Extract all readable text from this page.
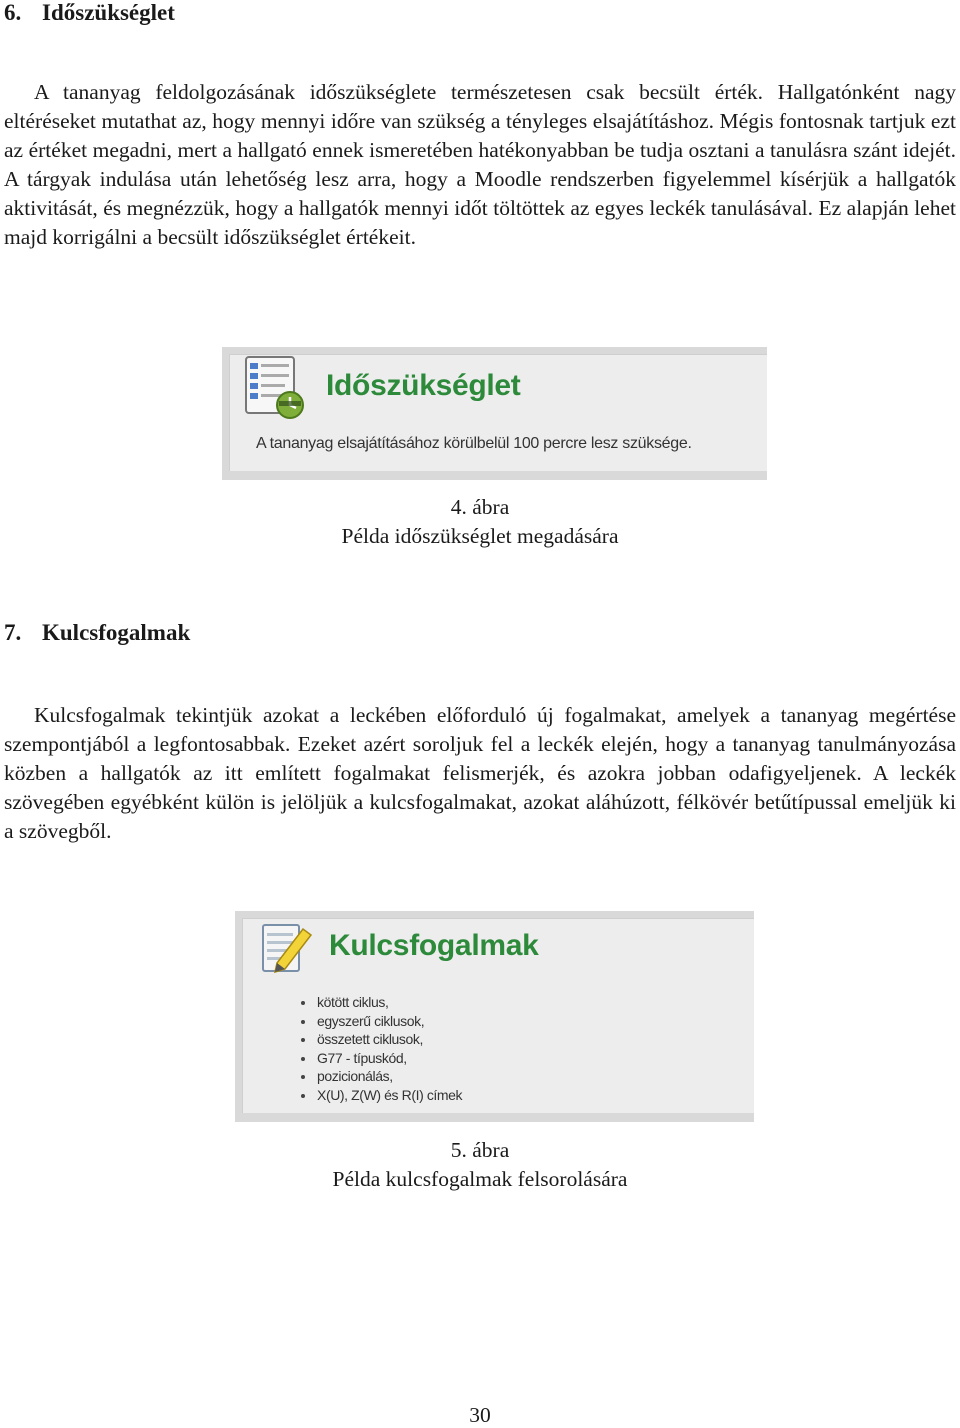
6. Időszükséglet

A tananyag feldolgozásának időszükséglete természetesen csak becsült érték. Hallgatónként nagy eltéréseket mutathat az, hogy mennyi időre van szükség a tényleges elsajátításhoz. Mégis fontosnak tartjuk ezt az értéket megadni, mert a hallgató ennek ismeretében hatékonyabban be tudja osztani a tanulásra szánt idejét. A tárgyak indulása után lehetőség lesz arra, hogy a Moodle rendszerben figyelemmel kísérjük a hallgatók aktivitását, és megnézzük, hogy a hallgatók mennyi időt töltöttek az egyes leckék tanulásával. Ez alapján lehet majd korrigálni a becsült időszükséglet értékeit.

Időszükséglet
A tananyag elsajátításához körülbelül 100 percre lesz szüksége.

4. ábra

Példa időszükséglet megadására

7. Kulcsfogalmak

Kulcsfogalmak tekintjük azokat a leckében előforduló új fogalmakat, amelyek a tananyag megértése szempontjából a legfontosabbak. Ezeket azért soroljuk fel a leckék elején, hogy a tananyag tanulmányozása közben a hallgatók az itt említett fogalmakat felismerjék, és azokra jobban odafigyeljenek. A leckék szövegében egyébként külön is jelöljük a kulcsfogalmakat, azokat aláhúzott, félkövér betűtípussal emeljük ki a szövegből.

Kulcsfogalmak
kötött ciklus,
egyszerű ciklusok,
összetett ciklusok,
G77 - típuskód,
pozicionálás,
X(U), Z(W) és R(I) címek

5. ábra

Példa kulcsfogalmak felsorolására

30
